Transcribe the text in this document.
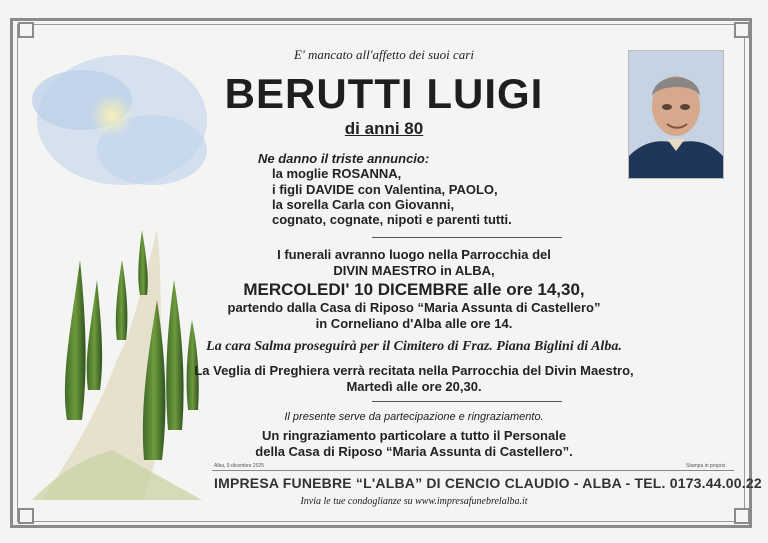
E' mancato all'affetto dei suoi cari
BERUTTI LUIGI
di anni 80
Ne danno il triste annuncio:
la moglie ROSANNA,
i figli DAVIDE con Valentina, PAOLO,
la sorella Carla con Giovanni,
cognato, cognate, nipoti e parenti tutti.
I funerali avranno luogo nella Parrocchia del
DIVIN MAESTRO in ALBA,
MERCOLEDI' 10 DICEMBRE alle ore 14,30,
partendo dalla Casa di Riposo “Maria Assunta di Castellero”
in Corneliano d'Alba alle ore 14.
La cara Salma proseguirà per il Cimitero di Fraz. Piana Biglini di Alba.
La Veglia di Preghiera verrà recitata nella Parrocchia del Divin Maestro,
Martedì alle ore 20,30.
Il presente serve da partecipazione e ringraziamento.
Un ringraziamento particolare a tutto il Personale
della Casa di Riposo “Maria Assunta di Castellero”.
Alba, 9 dicembre 2025	Stampa in proprio
IMPRESA FUNEBRE “L'ALBA” DI CENCIO CLAUDIO - ALBA - TEL. 0173.44.00.22
Invia le tue condoglianze su www.impresafunebrelalba.it
